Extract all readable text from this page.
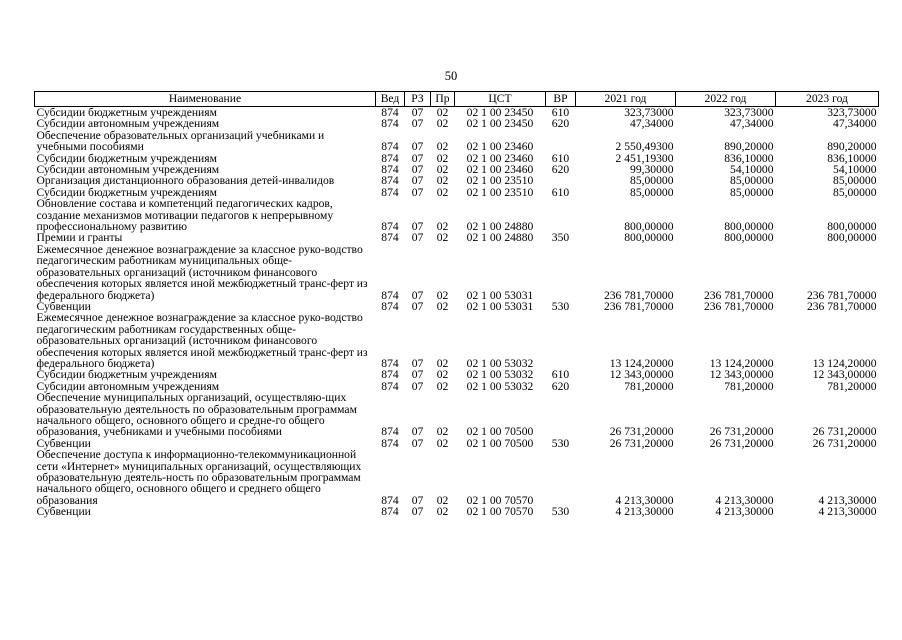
50
Наименование	Вед	РЗ	Пр	ЦСТ	ВР	2021 год	2022 год	2023 год
Субсидии бюджетным учреждениям	874	07	02	02 1 00 23450	610	323,73000	323,73000	323,73000
Субсидии автономным учреждениям	874	07	02	02 1 00 23450	620	47,34000	47,34000	47,34000
Обеспечение образовательных организаций учебниками и учебными пособиями	874	07	02	02 1 00 23460		2 550,49300	890,20000	890,20000
Субсидии бюджетным учреждениям	874	07	02	02 1 00 23460	610	2 451,19300	836,10000	836,10000
Субсидии автономным учреждениям	874	07	02	02 1 00 23460	620	99,30000	54,10000	54,10000
Организация дистанционного образования детей-инвалидов	874	07	02	02 1 00 23510		85,00000	85,00000	85,00000
Субсидии бюджетным учреждениям	874	07	02	02 1 00 23510	610	85,00000	85,00000	85,00000
Обновление состава и компетенций педагогических кадров, создание механизмов мотивации педагогов к непрерывному профессиональному развитию	874	07	02	02 1 00 24880		800,00000	800,00000	800,00000
Премии и гранты	874	07	02	02 1 00 24880	350	800,00000	800,00000	800,00000
Ежемесячное денежное вознаграждение за классное руко-водство педагогическим работникам муниципальных обще-образовательных организаций (источником финансового обеспечения которых является иной межбюджетный транс-ферт из федерального бюджета)	874	07	02	02 1 00 53031		236 781,70000	236 781,70000	236 781,70000
Субвенции	874	07	02	02 1 00 53031	530	236 781,70000	236 781,70000	236 781,70000
Ежемесячное денежное вознаграждение за классное руко-водство педагогическим работникам государственных обще-образовательных организаций (источником финансового обеспечения которых является иной межбюджетный транс-ферт из федерального бюджета)	874	07	02	02 1 00 53032		13 124,20000	13 124,20000	13 124,20000
Субсидии бюджетным учреждениям	874	07	02	02 1 00 53032	610	12 343,00000	12 343,00000	12 343,00000
Субсидии автономным учреждениям	874	07	02	02 1 00 53032	620	781,20000	781,20000	781,20000
Обеспечение муниципальных организаций, осуществляю-щих образовательную деятельность по образовательным программам начального общего, основного общего и средне-го общего образования, учебниками и учебными пособиями	874	07	02	02 1 00 70500		26 731,20000	26 731,20000	26 731,20000
Субвенции	874	07	02	02 1 00 70500	530	26 731,20000	26 731,20000	26 731,20000
Обеспечение доступа к информационно-телекоммуникационной сети «Интернет» муниципальных организаций, осуществляющих образовательную деятель-ность по образовательным программам начального общего, основного общего и среднего общего образования	874	07	02	02 1 00 70570		4 213,30000	4 213,30000	4 213,30000
Субвенции	874	07	02	02 1 00 70570	530	4 213,30000	4 213,30000	4 213,30000
